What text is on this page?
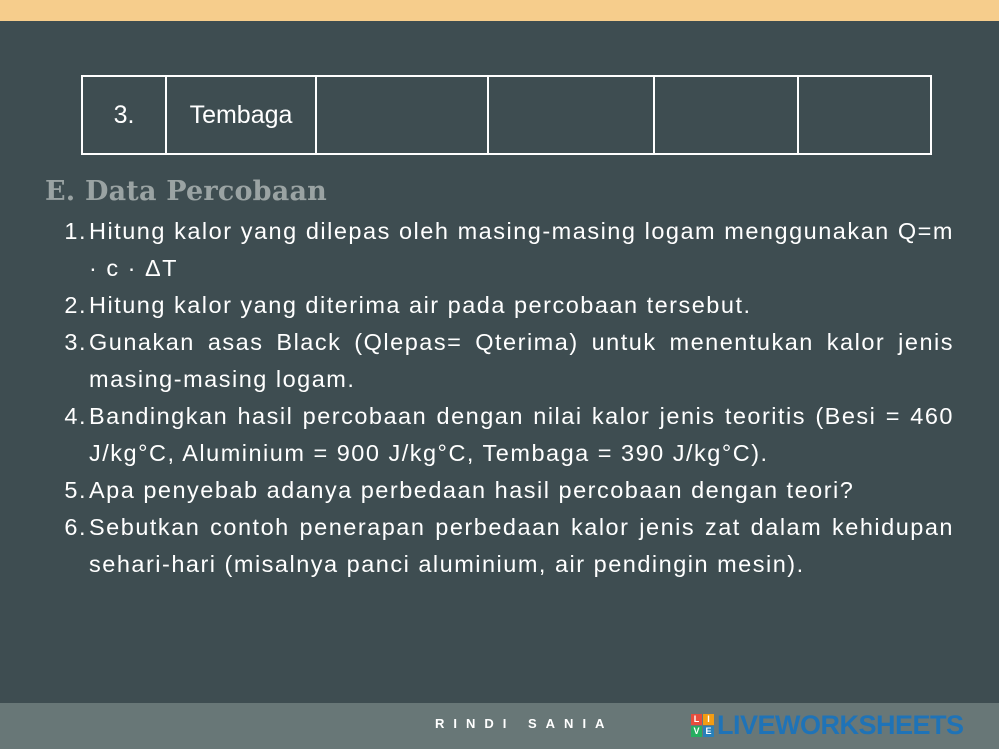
3.	Tembaga				
E. Data Percobaan
1. Hitung kalor yang dilepas oleh masing-masing logam menggunakan Q=m · c · ΔT
2. Hitung kalor yang diterima air pada percobaan tersebut.
3. Gunakan asas Black (Qlepas= Qterima) untuk menentukan kalor jenis masing-masing logam.
4. Bandingkan hasil percobaan dengan nilai kalor jenis teoritis (Besi = 460 J/kg°C, Aluminium = 900 J/kg°C, Tembaga = 390 J/kg°C).
5. Apa penyebab adanya perbedaan hasil percobaan dengan teori?
6. Sebutkan contoh penerapan perbedaan kalor jenis zat dalam kehidupan sehari-hari (misalnya panci aluminium, air pendingin mesin).
RINDI SANIA	L I
V E LIVEWORKSHEETS
